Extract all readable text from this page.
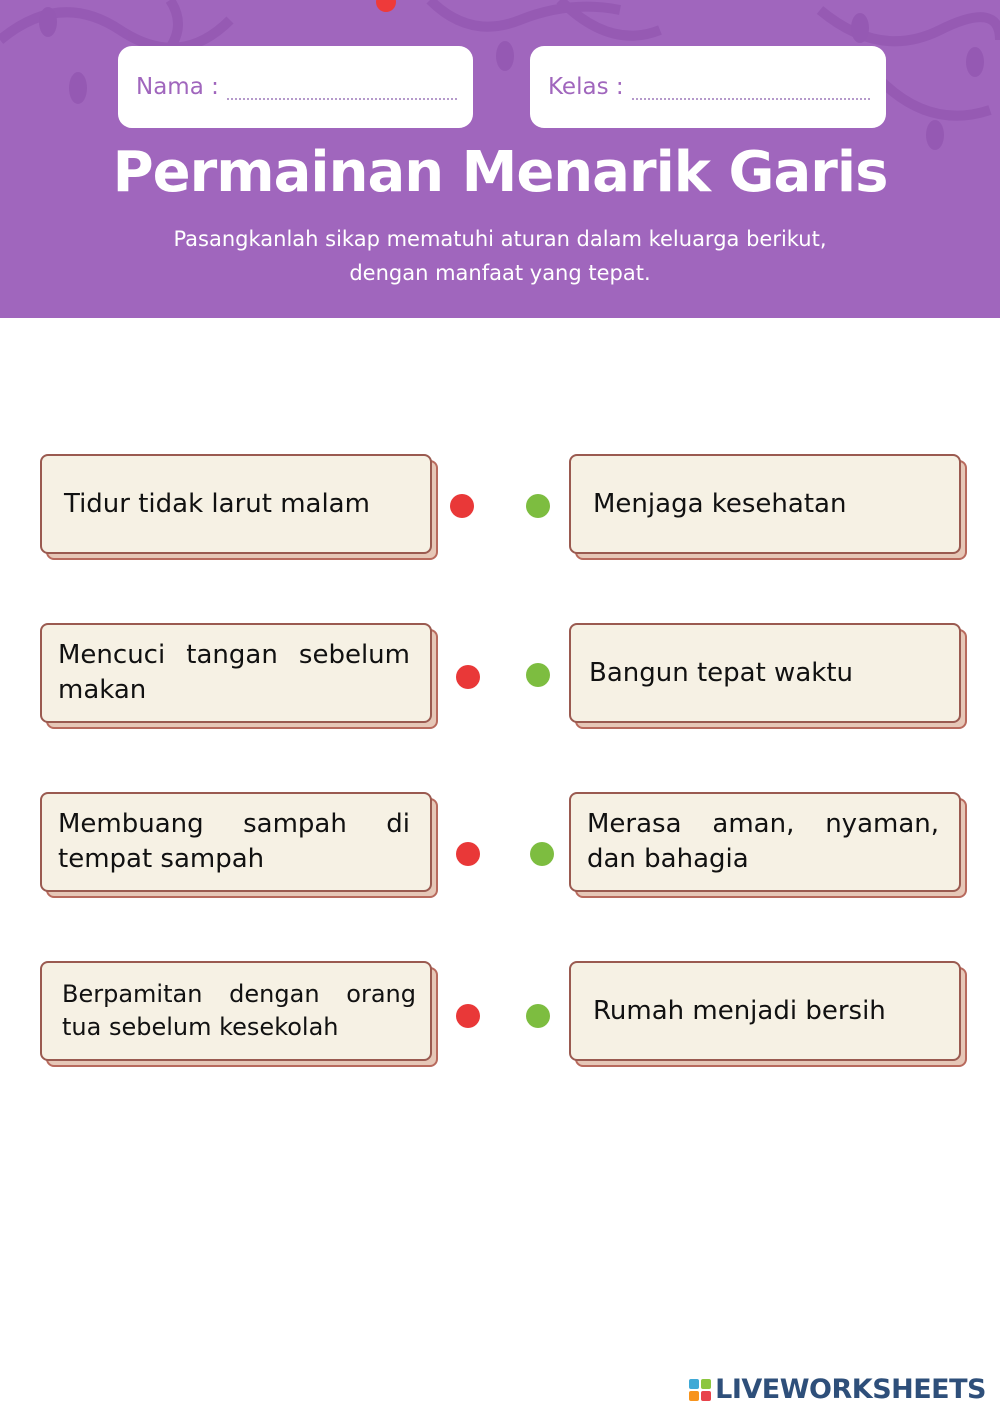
Nama :	Kelas :
Permainan Menarik Garis
Pasangkanlah sikap mematuhi aturan dalam keluarga berikut,
dengan manfaat yang tepat.
Tidur tidak larut malam	Menjaga kesehatan
Mencuci tangan sebelum makan
Bangun tepat waktu
Membuang sampah di tempat sampah
Merasa aman, nyaman, dan bahagia
Berpamitan dengan orang tua sebelum kesekolah
Rumah menjadi bersih
LIVEWORKSHEETS
